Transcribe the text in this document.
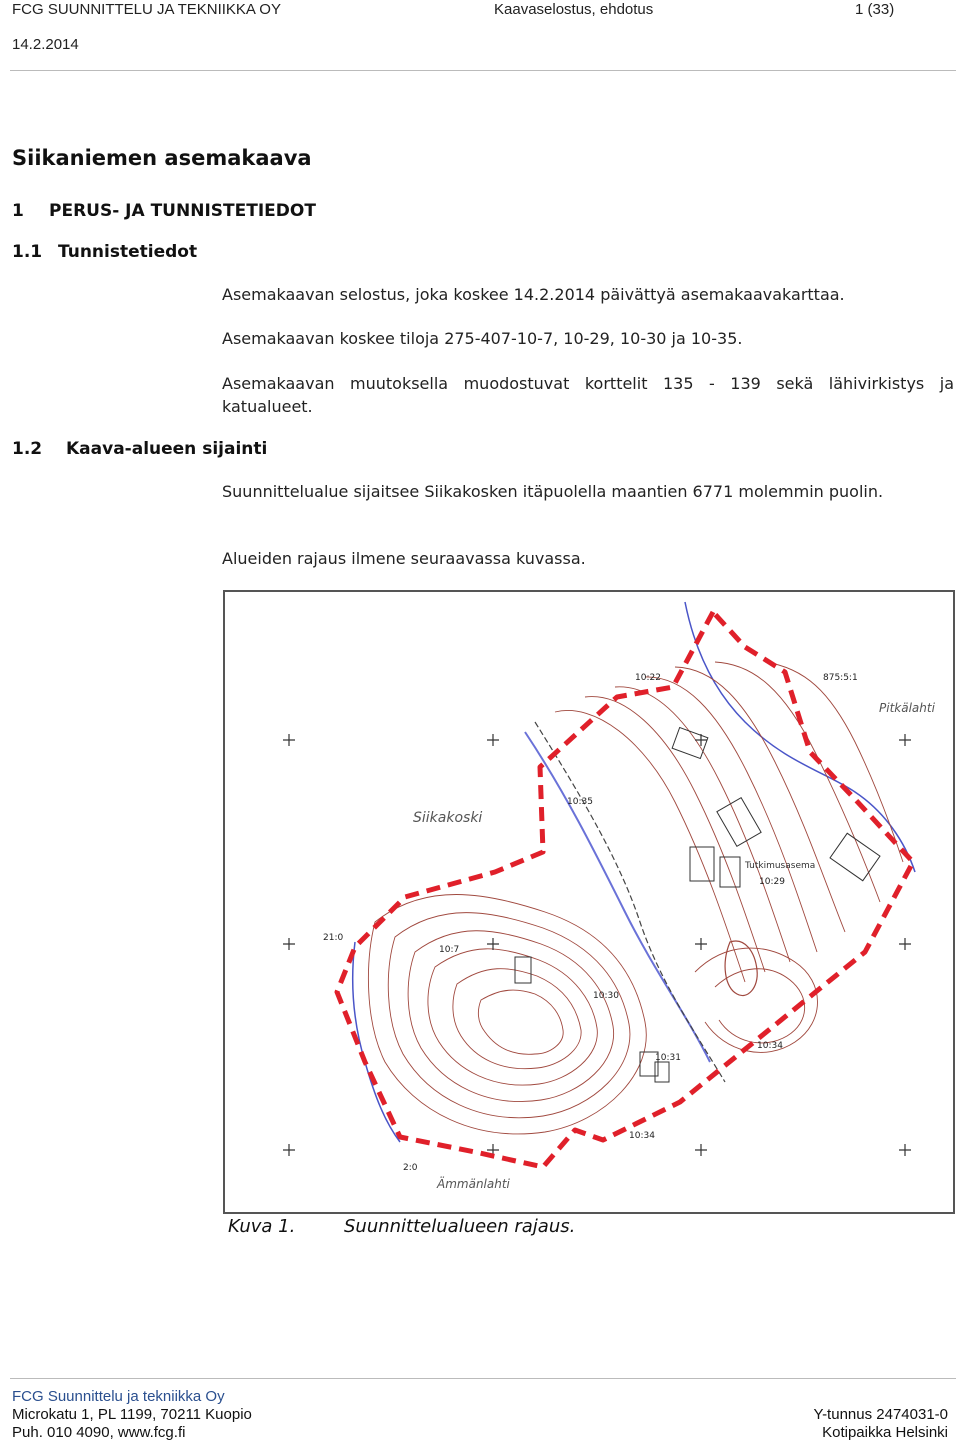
FCG SUUNNITTELU JA TEKNIIKKA OY	Kaavaselostus, ehdotus	1 (33)
14.2.2014
Siikaniemen asemakaava
1 PERUS- JA TUNNISTETIEDOT
1.1 Tunnistetiedot
1.2 Kaava-alueen sijainti
Asemakaavan selostus, joka koskee 14.2.2014 päivättyä asemakaavakarttaa.
Asemakaavan koskee tiloja 275-407-10-7, 10-29, 10-30 ja 10-35.
Asemakaavan muutoksella muodostuvat korttelit 135 - 139 sekä lähivirkistys ja katualueet.
Suunnittelualue sijaitsee Siikakosken itäpuolella maantien 6771 molemmin puolin.
Alueiden rajaus ilmene seuraavassa kuvassa.
Siikakoski
Pitkälahti
Ämmänlahti
Tutkimusasema
10:22	875:5:1
10:35
10:29
21:0
10:7
10:30
10:31
10:34
10:34
2:0
Kuva 1.	Suunnittelualueen rajaus.
FCG Suunnittelu ja tekniikka Oy
Microkatu 1, PL 1199, 70211 Kuopio
Puh. 010 4090, www.fcg.fi
Y-tunnus 2474031-0
Kotipaikka Helsinki
